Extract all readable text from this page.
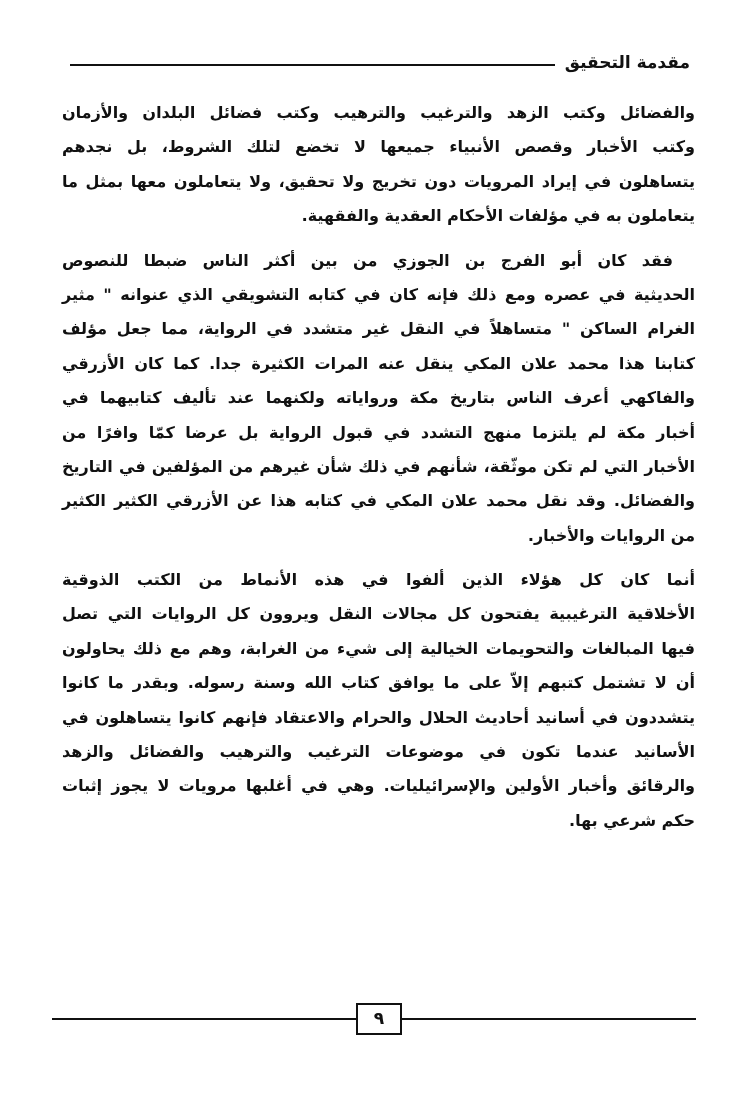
مقدمة التحقيق

والفضائل وكتب الزهد والترغيب والترهيب وكتب فضائل البلدان والأزمان
وكتب الأخبار وقصص الأنبياء جميعها لا تخضع لتلك الشروط، بل نجدهم
يتساهلون في إيراد المرويات دون تخريج ولا تحقيق، ولا يتعاملون معها بمثل ما
يتعاملون به في مؤلفات الأحكام العقدية والفقهية.

فقد كان أبو الفرج بن الجوزي من بين أكثر الناس ضبطا للنصوص
الحديثية في عصره ومع ذلك فإنه كان في كتابه التشويقي الذي عنوانه " مثير
الغرام الساكن " متساهلاً في النقل غير متشدد في الرواية، مما جعل مؤلف
كتابنا هذا محمد علان المكي ينقل عنه المرات الكثيرة جدا. كما كان الأزرقي
والفاكهي أعرف الناس بتاريخ مكة ورواياته ولكنهما عند تأليف كتابيهما في
أخبار مكة لم يلتزما منهج التشدد في قبول الرواية بل عرضا كمّا وافرًا من
الأخبار التي لم تكن موثّقة، شأنهم في ذلك شأن غيرهم من المؤلفين في التاريخ
والفضائل. وقد نقل محمد علان المكي في كتابه هذا عن الأزرقي الكثير الكثير
من الروايات والأخبار.

أنما كان كل هؤلاء الذين ألفوا في هذه الأنماط من الكتب الذوقية
الأخلاقية الترغيبية يفتحون كل مجالات النقل ويروون كل الروايات التي تصل
فيها المبالغات والتحويمات الخيالية إلى شيء من الغرابة، وهم مع ذلك يحاولون
أن لا تشتمل كتبهم إلاّ على ما يوافق كتاب الله وسنة رسوله. وبقدر ما كانوا
يتشددون في أسانيد أحاديث الحلال والحرام والاعتقاد فإنهم كانوا يتساهلون في
الأسانيد عندما تكون في موضوعات الترغيب والترهيب والفضائل والزهد
والرقائق وأخبار الأولين والإسرائيليات. وهي في أغلبها مرويات لا يجوز إثبات
حكم شرعي بها.

٩
